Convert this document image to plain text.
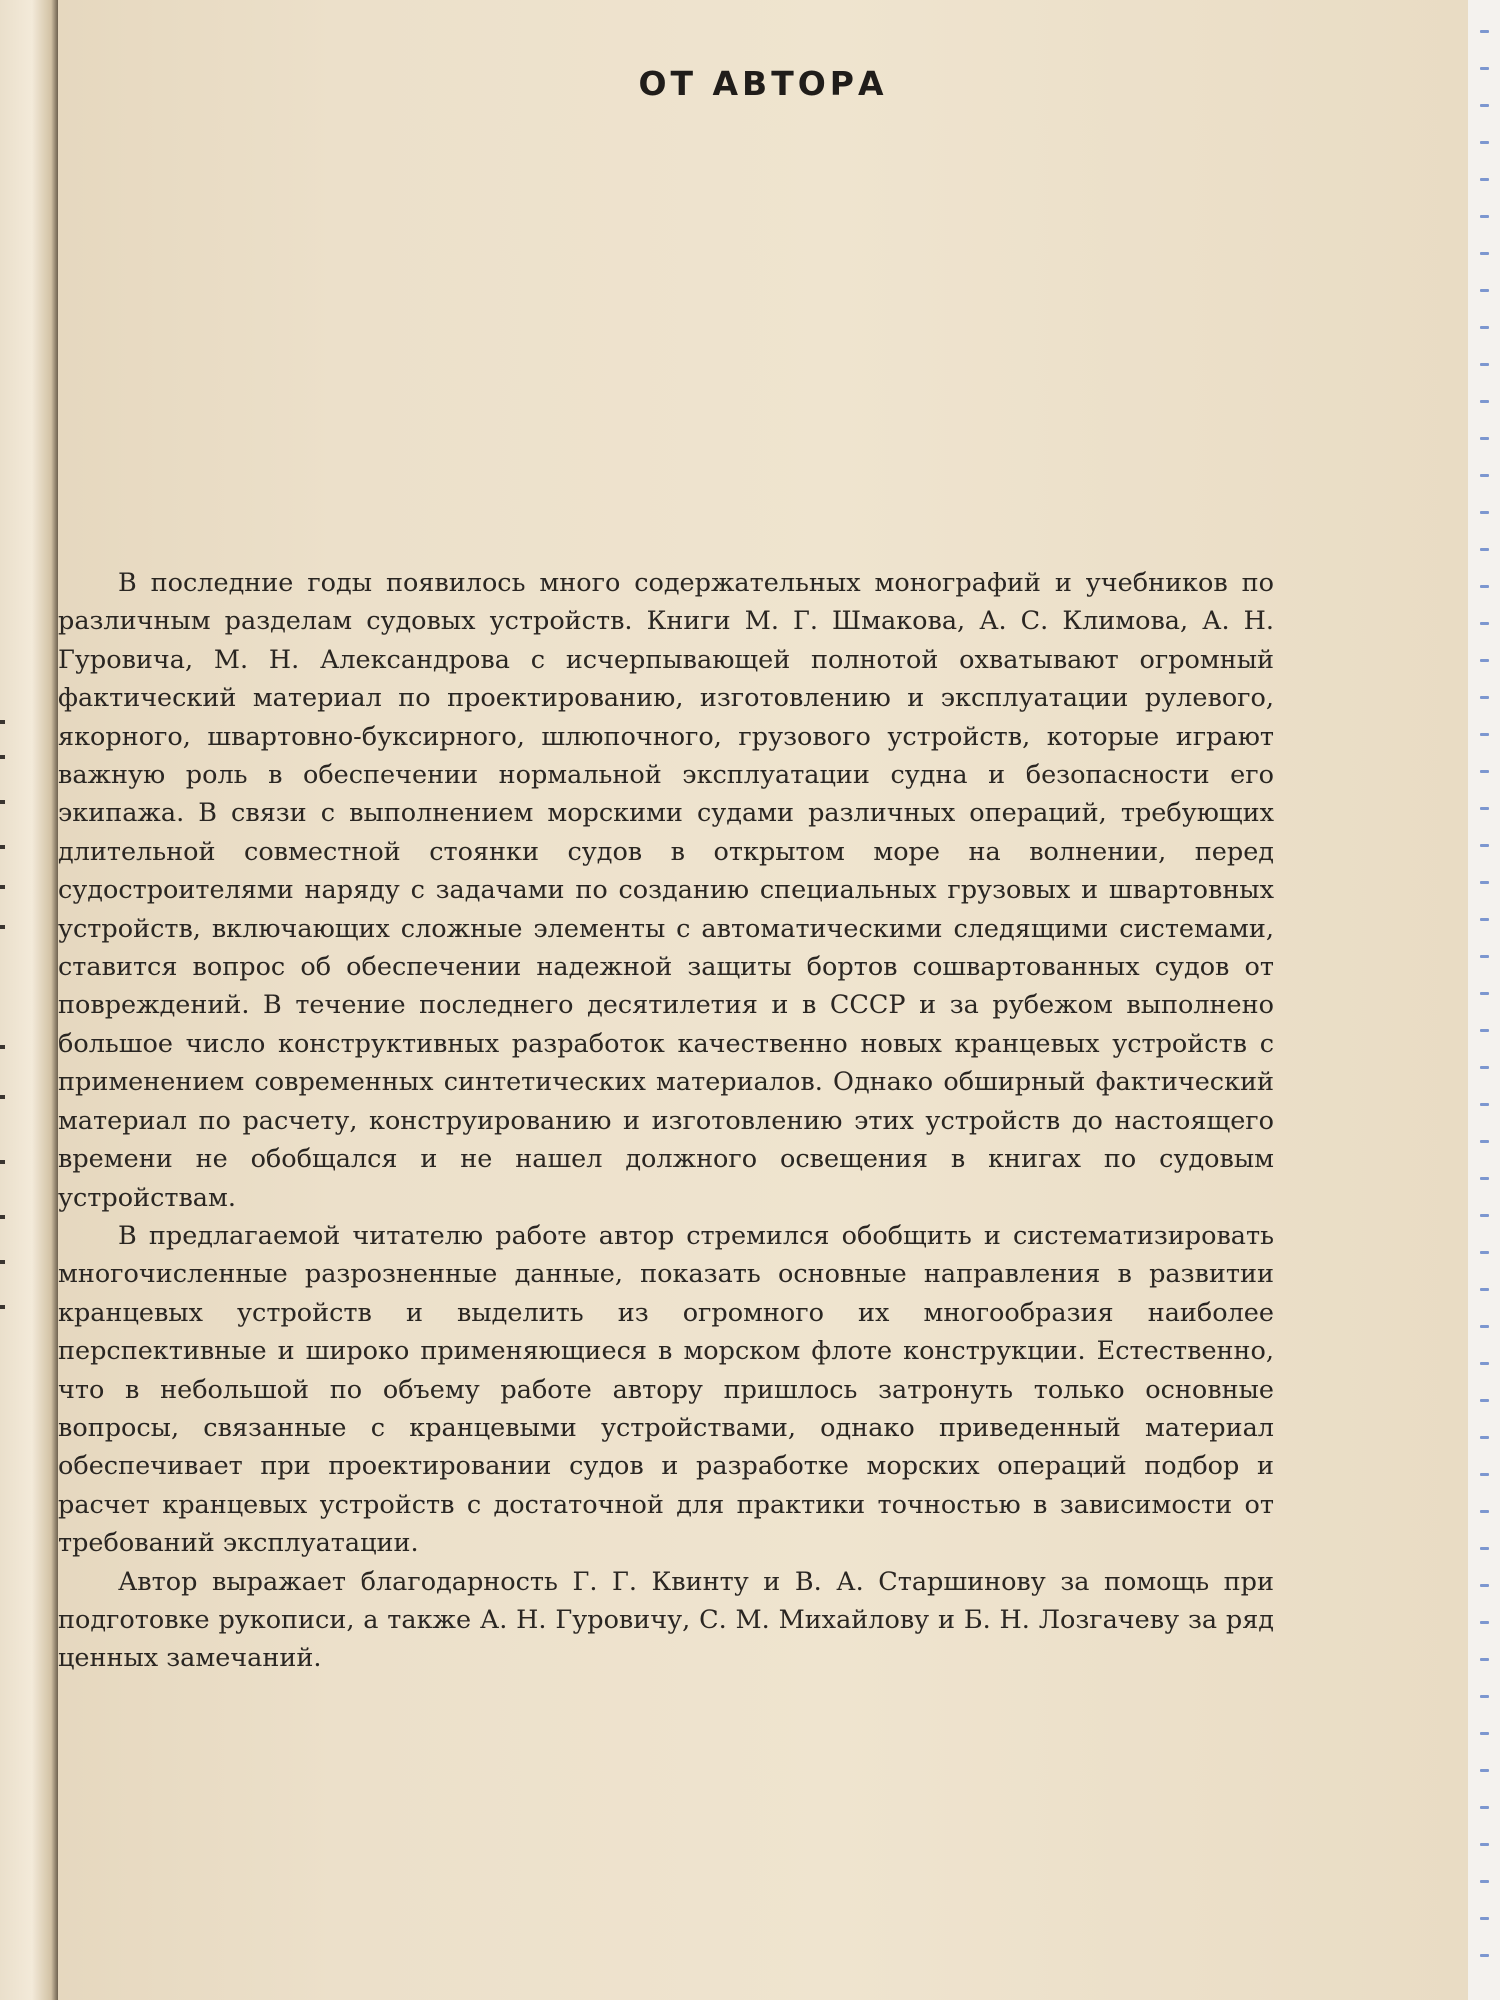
ОТ АВТОРА

В последние годы появилось много содержательных монографий и учебников по различным разделам судовых устройств. Книги М. Г. Шмакова, А. С. Климова, А. Н. Гуровича, М. Н. Александрова с исчерпывающей полнотой охватывают огромный фактический материал по проектированию, изготовлению и эксплуатации рулевого, якорного, швартовно-буксирного, шлюпочного, грузового устройств, которые играют важную роль в обеспечении нормальной эксплуатации судна и безопасности его экипажа. В связи с выполнением морскими судами различных операций, требующих длительной совместной стоянки судов в открытом море на волнении, перед судостроителями наряду с задачами по созданию специальных грузовых и швартовных устройств, включающих сложные элементы с автоматическими следящими системами, ставится вопрос об обеспечении надежной защиты бортов сошвартованных судов от повреждений. В течение последнего десятилетия и в СССР и за рубежом выполнено большое число конструктивных разработок качественно новых кранцевых устройств с применением современных синтетических материалов. Однако обширный фактический материал по расчету, конструированию и изготовлению этих устройств до настоящего времени не обобщался и не нашел должного освещения в книгах по судовым устройствам.

В предлагаемой читателю работе автор стремился обобщить и систематизировать многочисленные разрозненные данные, показать основные направления в развитии кранцевых устройств и выделить из огромного их многообразия наиболее перспективные и широко применяющиеся в морском флоте конструкции. Естественно, что в небольшой по объему работе автору пришлось затронуть только основные вопросы, связанные с кранцевыми устройствами, однако приведенный материал обеспечивает при проектировании судов и разработке морских операций подбор и расчет кранцевых устройств с достаточной для практики точностью в зависимости от требований эксплуатации.

Автор выражает благодарность Г. Г. Квинту и В. А. Старшинову за помощь при подготовке рукописи, а также А. Н. Гуровичу, С. М. Михайлову и Б. Н. Лозгачеву за ряд ценных замечаний.
